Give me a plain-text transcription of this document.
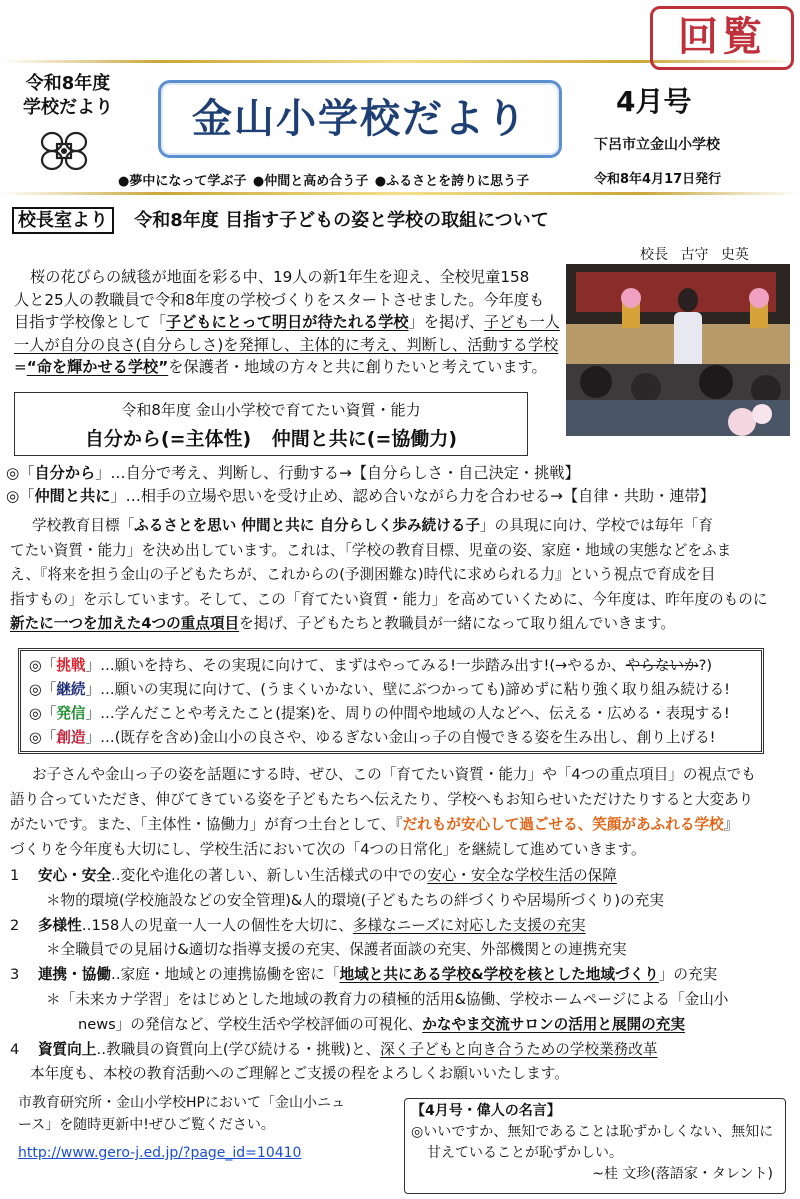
回覧
令和8年度
学校だより	金山小学校だより	4月号
下呂市立金山小学校
●夢中になって学ぶ子 ●仲間と高め合う子 ●ふるさとを誇りに思う子	令和8年4月17日発行
校長室より 令和8年度 目指す子どもの姿と学校の取組について
校長 古守 史英
桜の花びらの絨毯が地面を彩る中、19人の新1年生を迎え、全校児童158
人と25人の教職員で令和8年度の学校づくりをスタートさせました。今年度も
目指す学校像として「子どもにとって明日が待たれる学校」を掲げ、子ども一人
一人が自分の良さ(自分らしさ)を発揮し、主体的に考え、判断し、活動する学校
=“命を輝かせる学校”を保護者・地域の方々と共に創りたいと考えています。
令和8年度 金山小学校で育てたい資質・能力
自分から(=主体性) 仲間と共に(=協働力)
◎「自分から」…自分で考え、判断し、行動する→【自分らしさ・自己決定・挑戦】
◎「仲間と共に」…相手の立場や思いを受け止め、認め合いながら力を合わせる→【自律・共助・連帯】
学校教育目標「ふるさとを思い 仲間と共に 自分らしく歩み続ける子」の具現に向け、学校では毎年「育
てたい資質・能力」を決め出しています。これは、「学校の教育目標、児童の姿、家庭・地域の実態などをふま
え、『将来を担う金山の子どもたちが、これからの(予測困難な)時代に求められる力』という視点で育成を目
指すもの」を示しています。そして、この「育てたい資質・能力」を高めていくために、今年度は、昨年度のものに
新たに一つを加えた4つの重点項目を掲げ、子どもたちと教職員が一緒になって取り組んでいきます。
◎「挑戦」…願いを持ち、その実現に向けて、まずはやってみる!一歩踏み出す!(→やるか、やらないか?)
◎「継続」…願いの実現に向けて、(うまくいかない、壁にぶつかっても)諦めずに粘り強く取り組み続ける!
◎「発信」…学んだことや考えたこと(提案)を、周りの仲間や地域の人などへ、伝える・広める・表現する!
◎「創造」…(既存を含め)金山小の良さや、ゆるぎない金山っ子の自慢できる姿を生み出し、創り上げる!
お子さんや金山っ子の姿を話題にする時、ぜひ、この「育てたい資質・能力」や「4つの重点項目」の視点でも
語り合っていただき、伸びてきている姿を子どもたちへ伝えたり、学校へもお知らせいただけたりすると大変あり
がたいです。また、「主体性・協働力」が育つ土台として、『だれもが安心して過ごせる、笑顔があふれる学校』
づくりを今年度も大切にし、学校生活において次の「4つの日常化」を継続して進めていきます。
1 安心・安全‥変化や進化の著しい、新しい生活様式の中での安心・安全な学校生活の保障
＊物的環境(学校施設などの安全管理)&人的環境(子どもたちの絆づくりや居場所づくり)の充実
2 多様性‥158人の児童一人一人の個性を大切に、多様なニーズに対応した支援の充実
＊全職員での見届け&適切な指導支援の充実、保護者面談の充実、外部機関との連携充実
3 連携・協働‥家庭・地域との連携協働を密に「地域と共にある学校&学校を核とした地域づくり」の充実
＊「未来カナ学習」をはじめとした地域の教育力の積極的活用&協働、学校ホームページによる「金山小
news」の発信など、学校生活や学校評価の可視化、かなやま交流サロンの活用と展開の充実
4 資質向上‥教職員の資質向上(学び続ける・挑戦)と、深く子どもと向き合うための学校業務改革
本年度も、本校の教育活動へのご理解とご支援の程をよろしくお願いいたします。
市教育研究所・金山小学校HPにおいて「金山小ニュ
ース」を随時更新中!ぜひご覧ください。
http://www.gero-j.ed.jp/?page_id=10410
【4月号・偉人の名言】
◎いいですか、無知であることは恥ずかしくない、無知に
甘えていることが恥ずかしい。
~桂 文珍(落語家・タレント)
